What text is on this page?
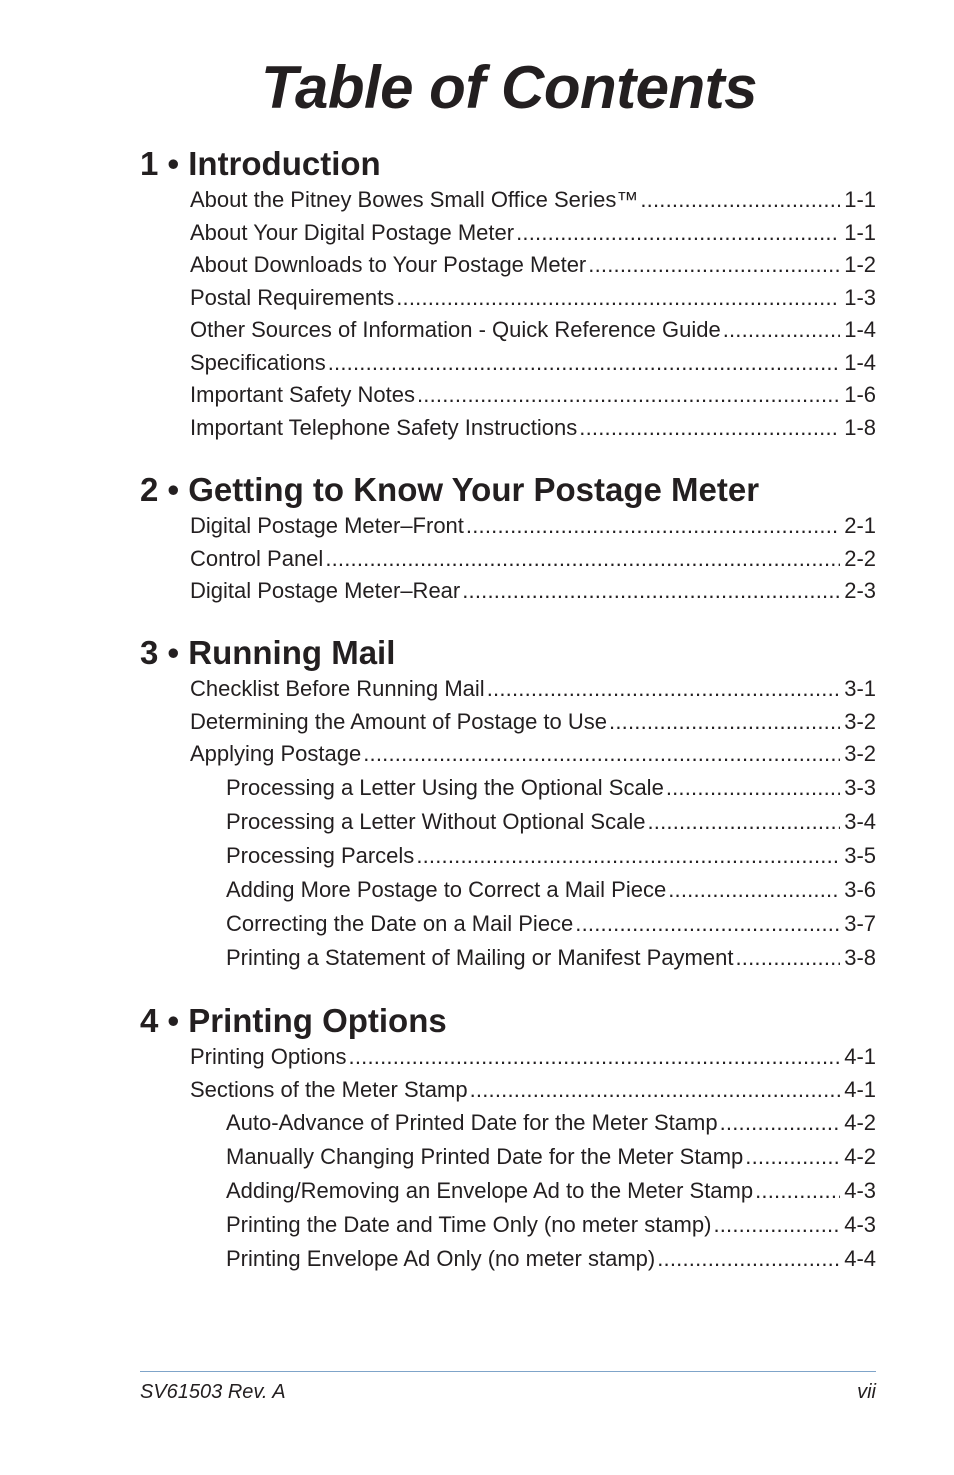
Table of Contents
1 • Introduction
About the Pitney Bowes Small Office Series™ .....	1-1
About Your Digital Postage Meter .....	1-1
About Downloads to Your Postage Meter .....	1-2
Postal Requirements .....	1-3
Other Sources of Information - Quick Reference Guide .....	1-4
Specifications .....	1-4
Important Safety Notes .....	1-6
Important Telephone Safety Instructions .....	1-8
2 • Getting to Know Your Postage Meter
Digital Postage Meter–Front .....	2-1
Control Panel .....	2-2
Digital Postage Meter–Rear .....	2-3
3 • Running Mail
Checklist Before Running Mail .....	3-1
Determining the Amount of Postage to Use .....	3-2
Applying Postage .....	3-2
Processing a Letter Using the Optional Scale .....	3-3
Processing a Letter Without Optional Scale .....	3-4
Processing Parcels .....	3-5
Adding More Postage to Correct a Mail Piece .....	3-6
Correcting the Date on a Mail Piece .....	3-7
Printing a Statement of Mailing or Manifest Payment .....	3-8
4 • Printing Options
Printing Options .....	4-1
Sections of the Meter Stamp .....	4-1
Auto-Advance of Printed Date for the Meter Stamp .....	4-2
Manually Changing Printed Date for the Meter Stamp .....	4-2
Adding/Removing an Envelope Ad to the Meter Stamp .....	4-3
Printing the Date and Time Only (no meter stamp) .....	4-3
Printing Envelope Ad Only (no meter stamp) .....	4-4
SV61503 Rev. A	vii
